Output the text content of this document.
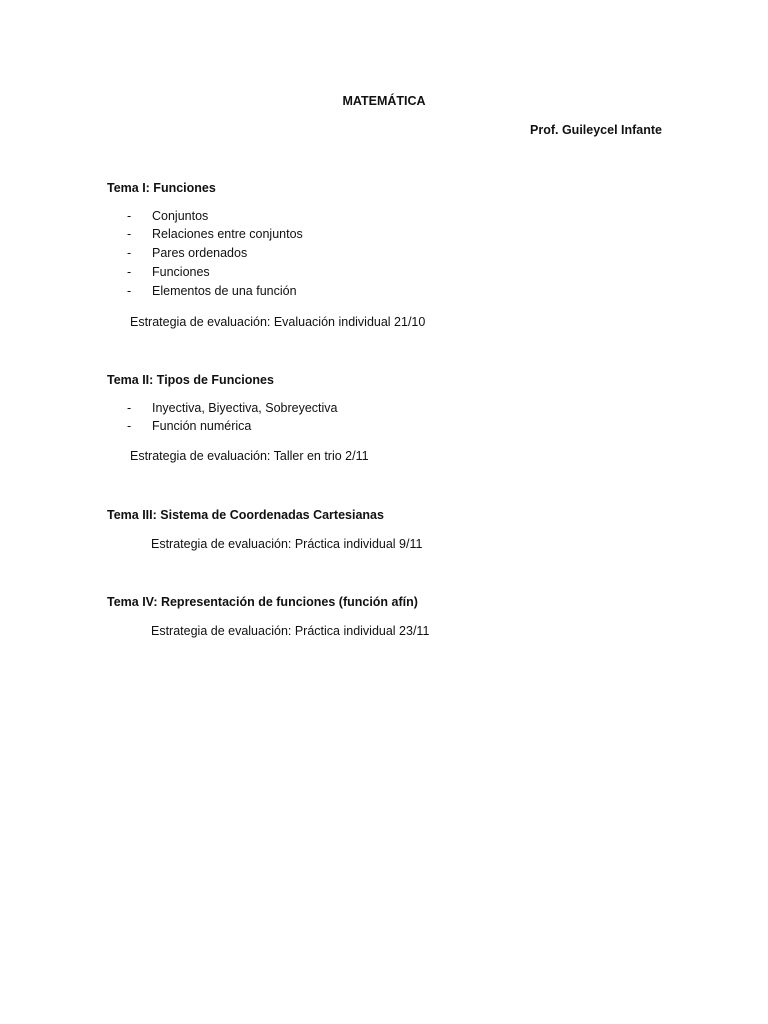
MATEMÁTICA
Prof. Guileycel Infante
Tema I: Funciones
-	Conjuntos
-	Relaciones entre conjuntos
-	Pares ordenados
-	Funciones
-	Elementos de una función
Estrategia de evaluación: Evaluación individual 21/10
Tema II: Tipos de Funciones
-	Inyectiva, Biyectiva, Sobreyectiva
-	Función numérica
Estrategia de evaluación: Taller en trio 2/11
Tema III: Sistema de Coordenadas Cartesianas
Estrategia de evaluación: Práctica individual 9/11
Tema IV: Representación de funciones (función afín)
Estrategia de evaluación: Práctica individual 23/11
